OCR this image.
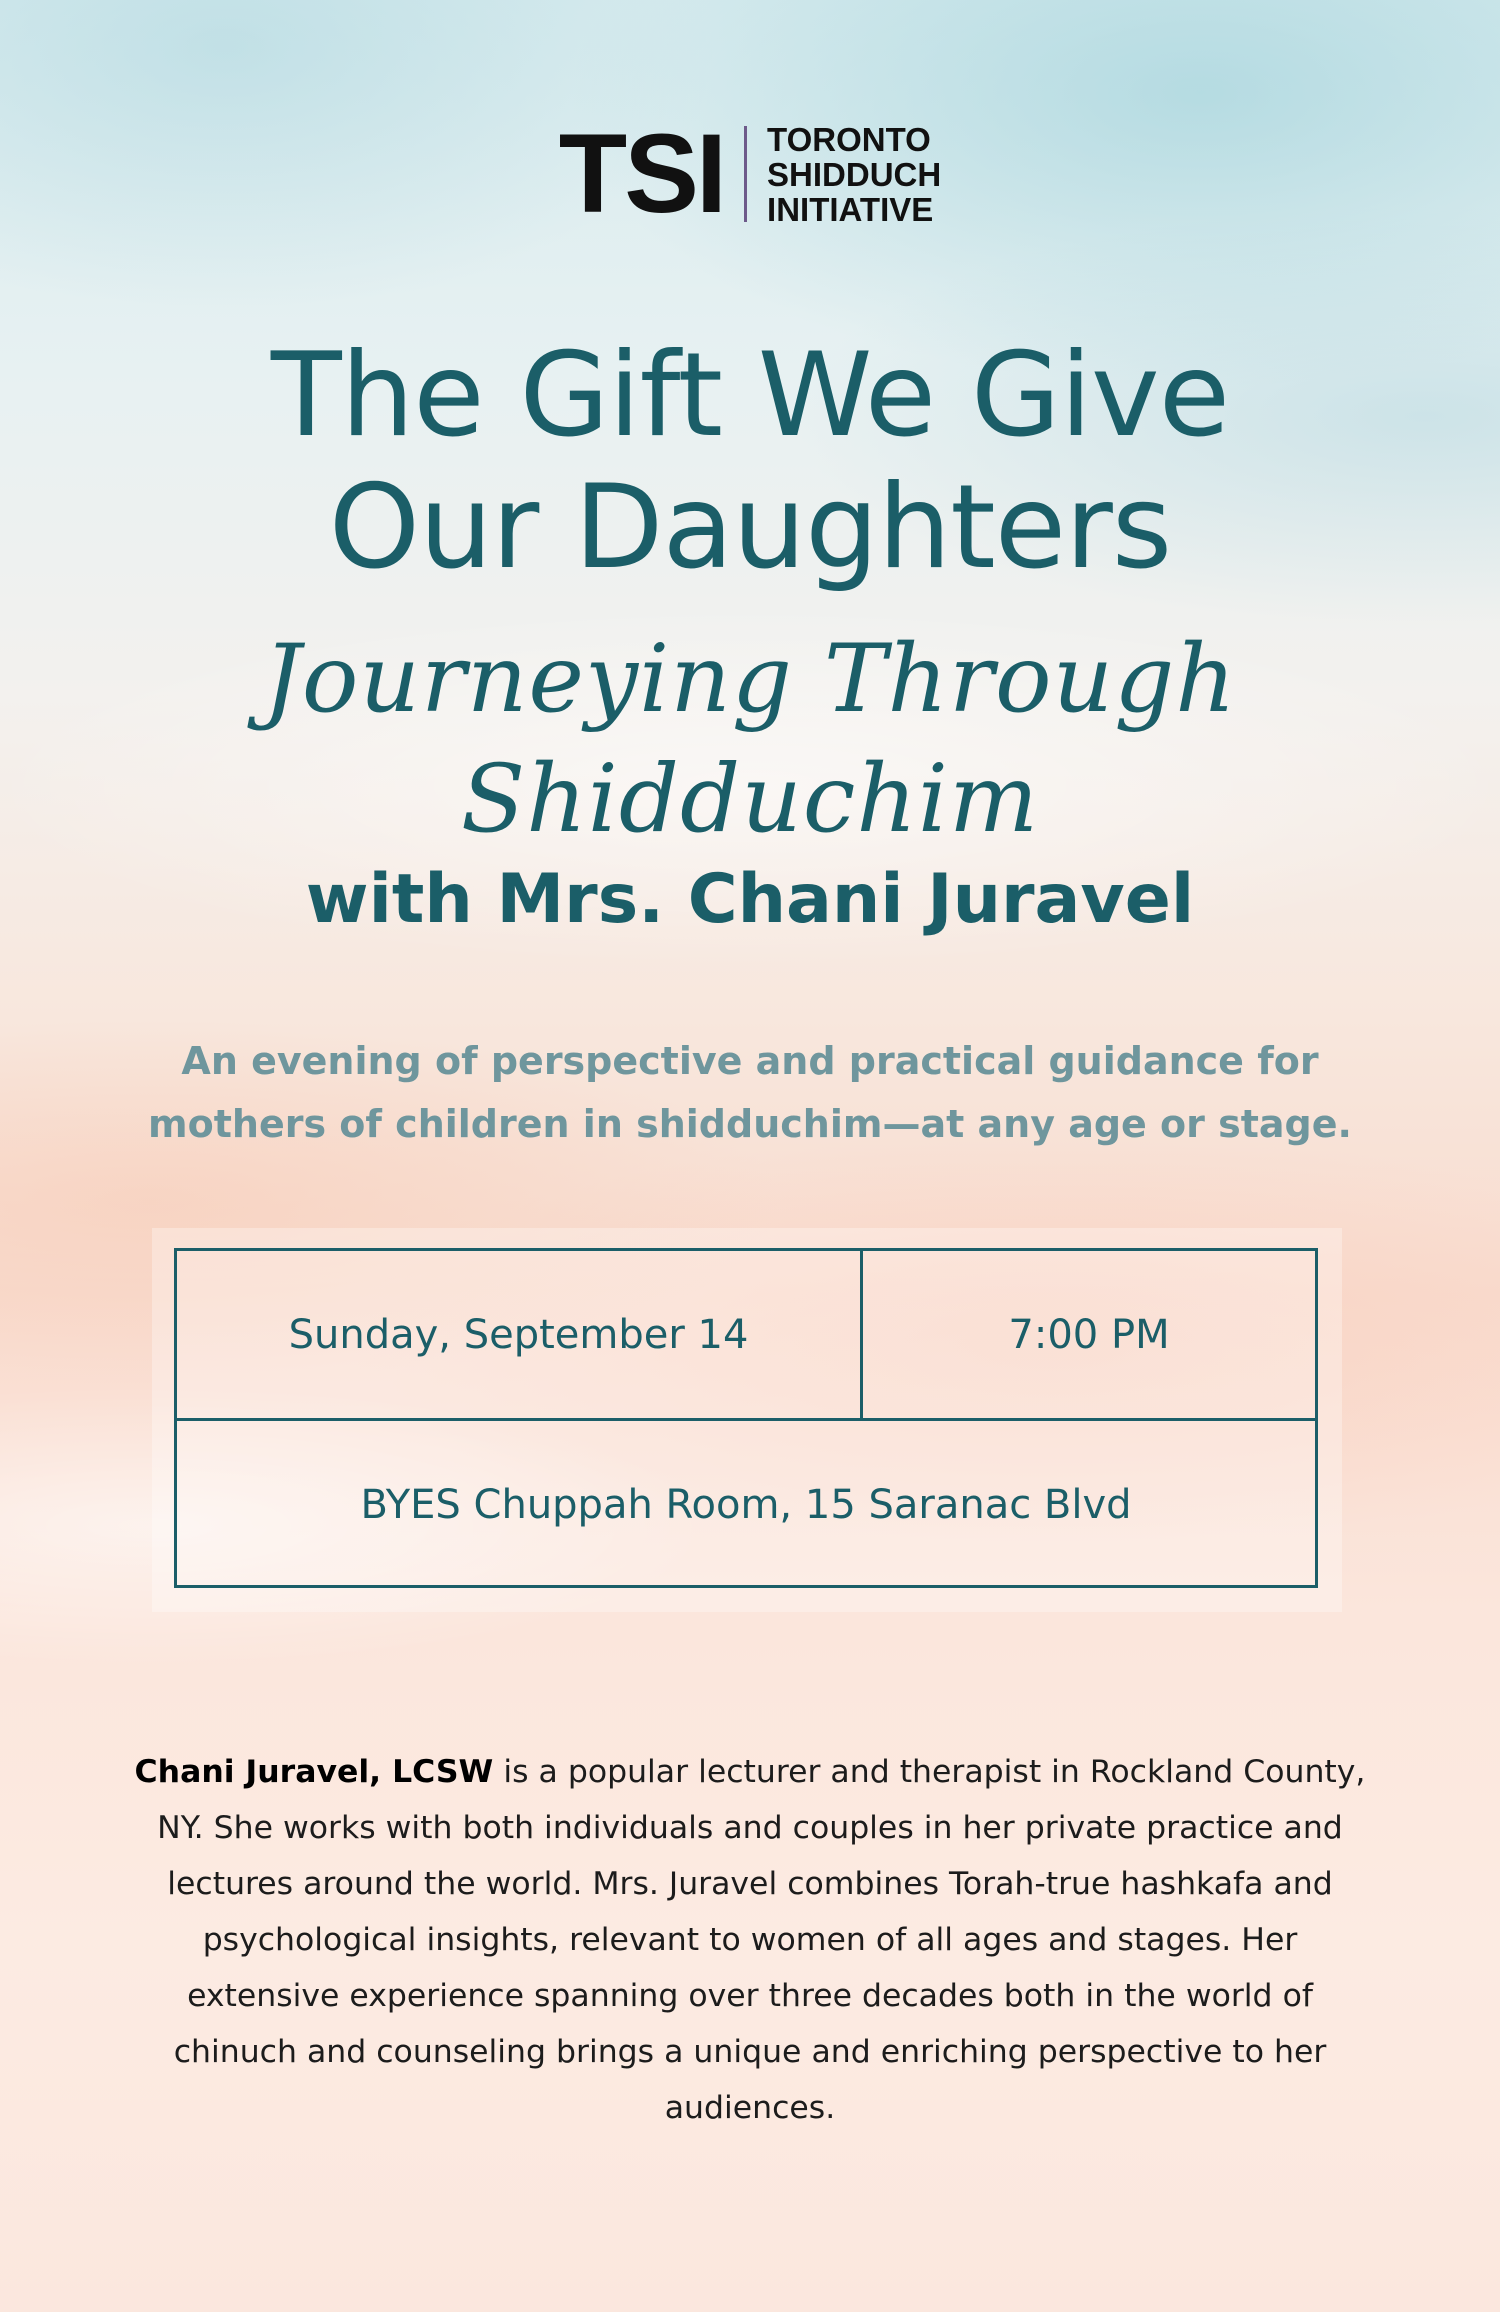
TSI TORONTO
SHIDDUCH
INITIATIVE
The Gift We Give
Our Daughters
Journeying Through Shidduchim
with Mrs. Chani Juravel
An evening of perspective and practical guidance for mothers of children in shidduchim—at any age or stage.
Sunday, September 14	7:00 PM
BYES Chuppah Room, 15 Saranac Blvd
Chani Juravel, LCSW is a popular lecturer and therapist in Rockland County, NY. She works with both individuals and couples in her private practice and lectures around the world. Mrs. Juravel combines Torah-true hashkafa and psychological insights, relevant to women of all ages and stages. Her extensive experience spanning over three decades both in the world of chinuch and counseling brings a unique and enriching perspective to her audiences.
